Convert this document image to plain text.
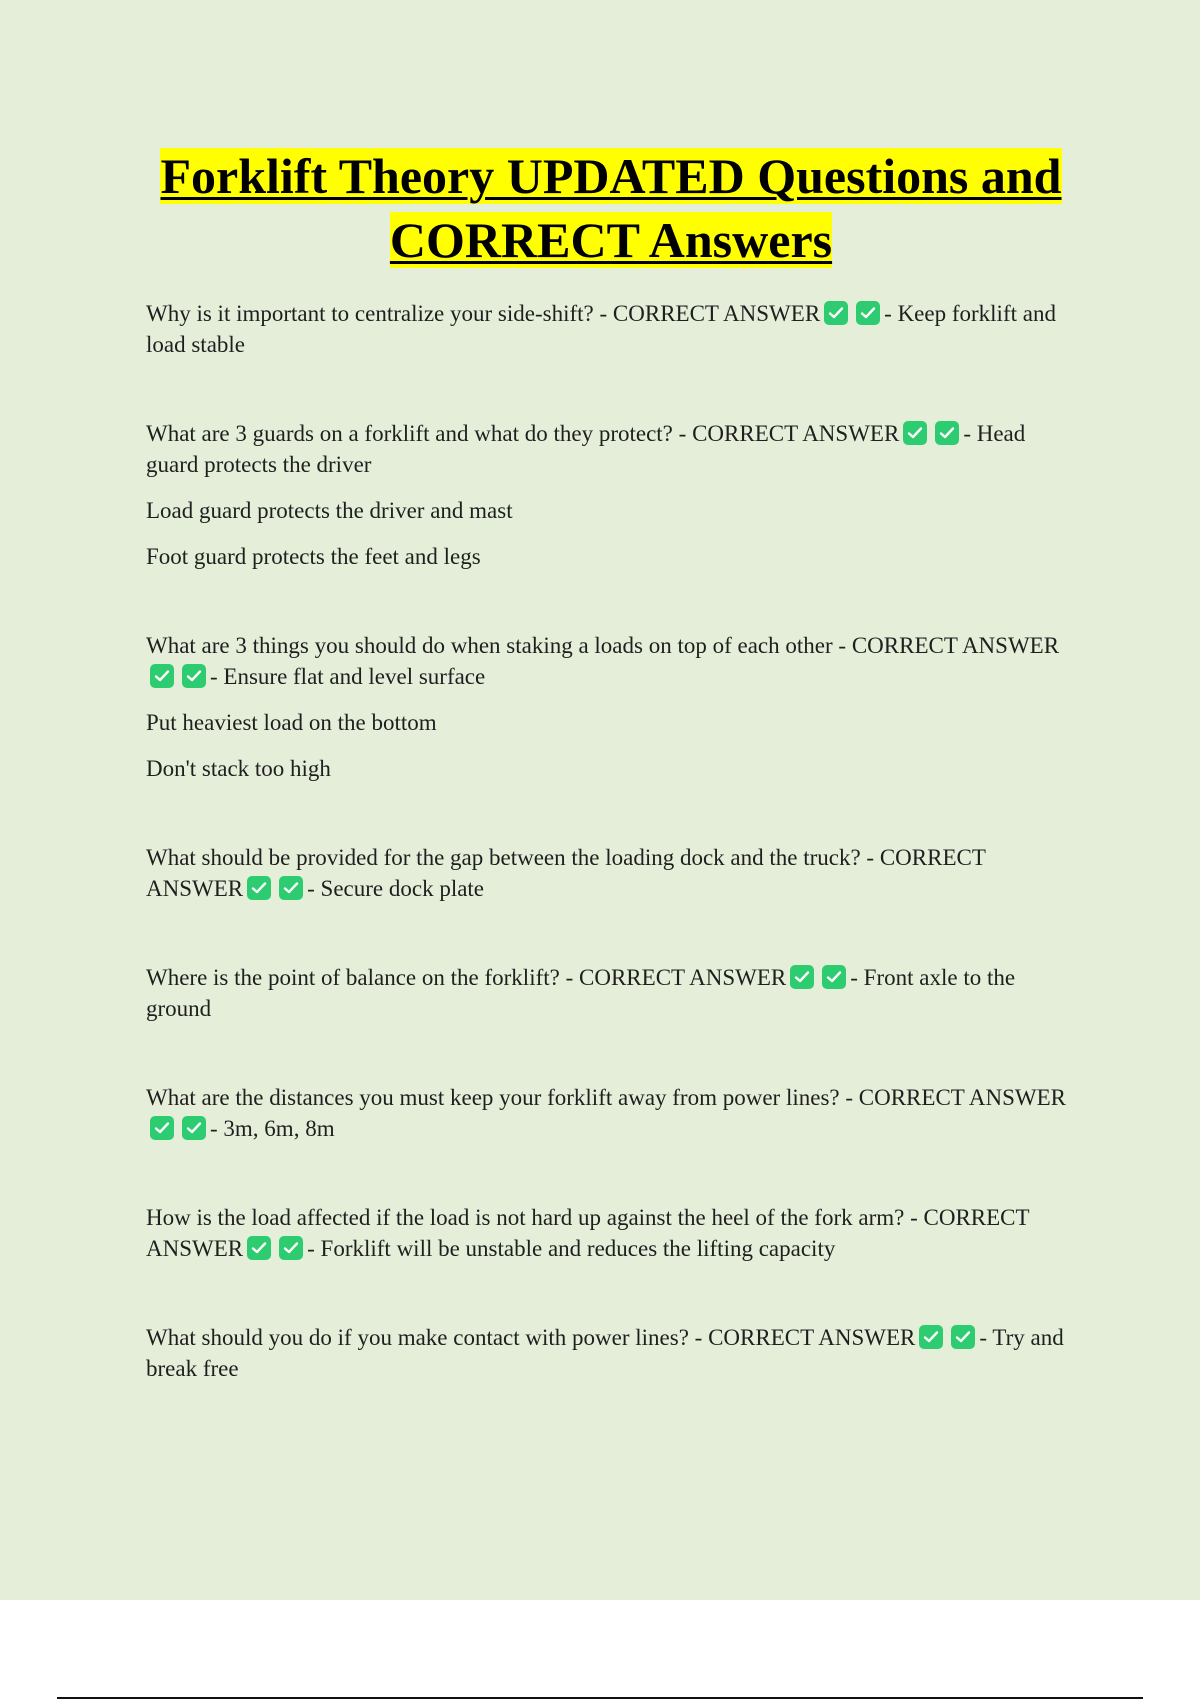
Forklift Theory UPDATED Questions and
CORRECT Answers

Why is it important to centralize your side-shift? - CORRECT ANSWER	- Keep forklift and load stable

What are 3 guards on a forklift and what do they protect? - CORRECT ANSWER	- Head guard protects the driver

Load guard protects the driver and mast

Foot guard protects the feet and legs

What are 3 things you should do when staking a loads on top of each other - CORRECT ANSWER
- Ensure flat and level surface

Put heaviest load on the bottom

Don't stack too high

What should be provided for the gap between the loading dock and the truck? - CORRECT ANSWER	- Secure dock plate

Where is the point of balance on the forklift? - CORRECT ANSWER	- Front axle to the ground

What are the distances you must keep your forklift away from power lines? - CORRECT ANSWER
- 3m, 6m, 8m

How is the load affected if the load is not hard up against the heel of the fork arm? - CORRECT ANSWER	- Forklift will be unstable and reduces the lifting capacity

What should you do if you make contact with power lines? - CORRECT ANSWER	- Try and break free
